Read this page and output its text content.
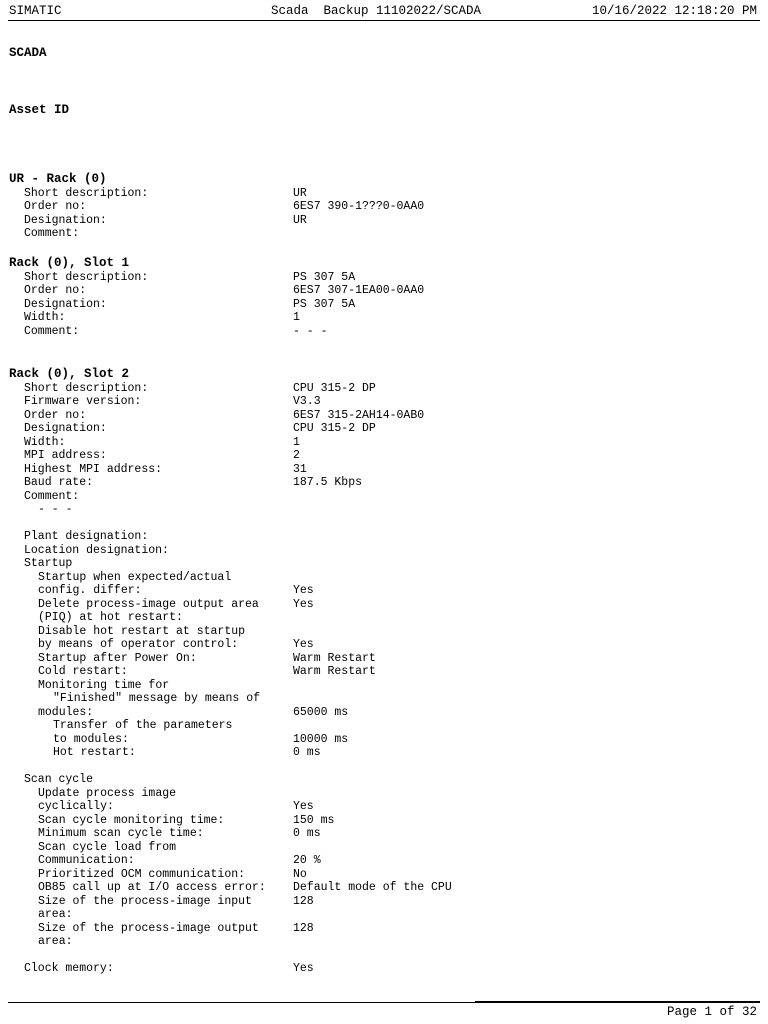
SIMATIC	Scada  Backup 11102022/SCADA	10/16/2022 12:18:20 PM
SCADA
Asset ID
UR - Rack (0)
Short description:	UR
Order no:	6ES7 390-1???0-0AA0
Designation:	UR
Comment:
Rack (0), Slot 1
Short description:	PS 307 5A
Order no:	6ES7 307-1EA00-0AA0
Designation:	PS 307 5A
Width:	1
Comment:	- - -
Rack (0), Slot 2
Short description:	CPU 315-2 DP
Firmware version:	V3.3
Order no:	6ES7 315-2AH14-0AB0
Designation:	CPU 315-2 DP
Width:	1
MPI address:	2
Highest MPI address:	31
Baud rate:	187.5 Kbps
Comment:
- - -
Plant designation:
Location designation:
Startup
Startup when expected/actual
config. differ:	Yes
Delete process-image output area	Yes
(PIQ) at hot restart:
Disable hot restart at startup
by means of operator control:	Yes
Startup after Power On:	Warm Restart
Cold restart:	Warm Restart
Monitoring time for
"Finished" message by means of
modules:	65000 ms
Transfer of the parameters
to modules:	10000 ms
Hot restart:	0 ms
Scan cycle
Update process image
cyclically:	Yes
Scan cycle monitoring time:	150 ms
Minimum scan cycle time:	0 ms
Scan cycle load from
Communication:	20 %
Prioritized OCM communication:	No
OB85 call up at I/O access error: Default mode of the CPU
Size of the process-image input	128
area:
Size of the process-image output	128
area:
Clock memory:	Yes
Page 1 of 32
